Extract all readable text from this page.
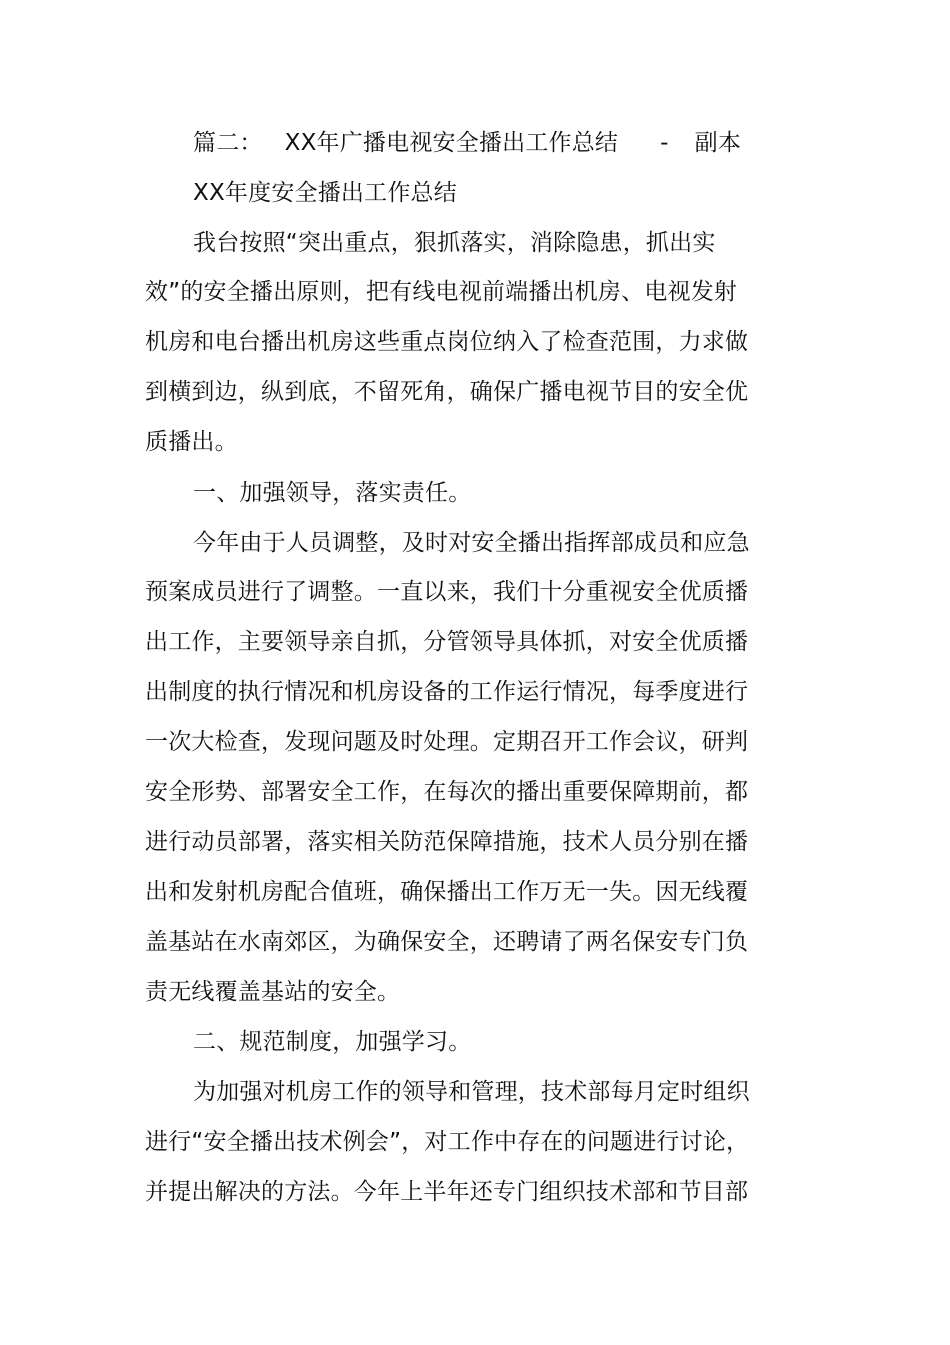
篇二： XX年广播电视安全播出工作总结 - 副本
XX年度安全播出工作总结
我台按照“突出重点，狠抓落实，消除隐患，抓出实
效”的安全播出原则，把有线电视前端播出机房、电视发射
机房和电台播出机房这些重点岗位纳入了检查范围，力求做
到横到边，纵到底，不留死角，确保广播电视节目的安全优
质播出。
一、加强领导，落实责任。
今年由于人员调整，及时对安全播出指挥部成员和应急
预案成员进行了调整。一直以来，我们十分重视安全优质播
出工作，主要领导亲自抓，分管领导具体抓，对安全优质播
出制度的执行情况和机房设备的工作运行情况，每季度进行
一次大检查，发现问题及时处理。定期召开工作会议，研判
安全形势、部署安全工作，在每次的播出重要保障期前，都
进行动员部署，落实相关防范保障措施，技术人员分别在播
出和发射机房配合值班，确保播出工作万无一失。因无线覆
盖基站在水南郊区，为确保安全，还聘请了两名保安专门负
责无线覆盖基站的安全。
二、规范制度，加强学习。
为加强对机房工作的领导和管理，技术部每月定时组织
进行“安全播出技术例会”，对工作中存在的问题进行讨论，
并提出解决的方法。今年上半年还专门组织技术部和节目部
